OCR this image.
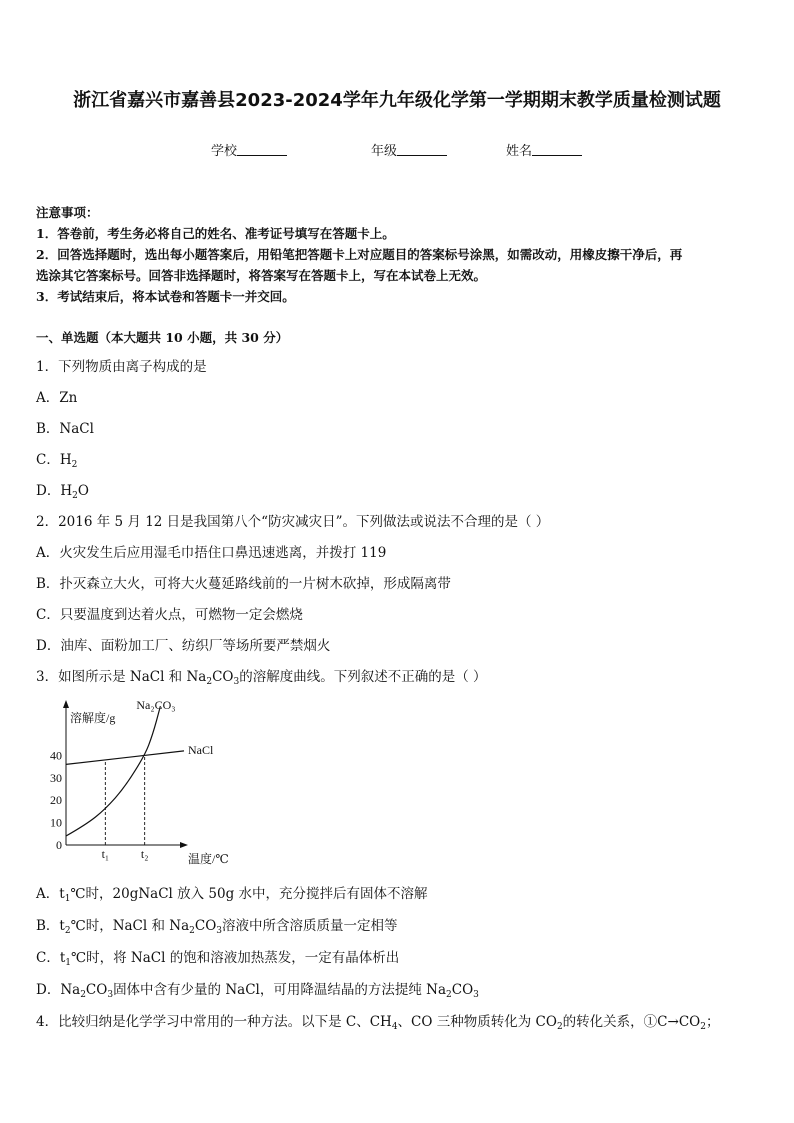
浙江省嘉兴市嘉善县2023-2024学年九年级化学第一学期期末教学质量检测试题
学校	年级	姓名
注意事项：
1．答卷前，考生务必将自己的姓名、准考证号填写在答题卡上。
2．回答选择题时，选出每小题答案后，用铅笔把答题卡上对应题目的答案标号涂黑，如需改动，用橡皮擦干净后，再
选涂其它答案标号。回答非选择题时，将答案写在答题卡上，写在本试卷上无效。
3．考试结束后，将本试卷和答题卡一并交回。
一、单选题（本大题共 10 小题，共 30 分）
1．下列物质由离子构成的是
A．Zn
B．NaCl
C．$H_2$
D．$H_2O$
2．2016 年 5 月 12 日是我国第八个“防灾减灾日”。下列做法或说法不合理的是（ ）
A．火灾发生后应用湿毛巾捂住口鼻迅速逃离，并拨打 119
B．扑灭森立大火，可将大火蔓延路线前的一片树木砍掉，形成隔离带
C．只要温度到达着火点，可燃物一定会燃烧
D．油库、面粉加工厂、纺织厂等场所要严禁烟火
3．如图所示是 NaCl 和 $Na_2CO_3$的溶解度曲线。下列叙述不正确的是（ ）
溶解度/g
温度/℃
0
10
20
30
40
t₁	t₂
NaCl
Na₂CO₃
A．$t_1℃$时，20gNaCl 放入 50g 水中，充分搅拌后有固体不溶解
B．$t_2℃$时，NaCl 和 $Na_2CO_3$溶液中所含溶质质量一定相等
C．$t_1℃$时，将 NaCl 的饱和溶液加热蒸发，一定有晶体析出
D．$Na_2CO_3$固体中含有少量的 NaCl，可用降温结晶的方法提纯 $Na_2CO_3$
4．比较归纳是化学学习中常用的一种方法。以下是 C、$CH_4$、CO 三种物质转化为 $CO_2$的转化关系，$①C\to CO_2$；
